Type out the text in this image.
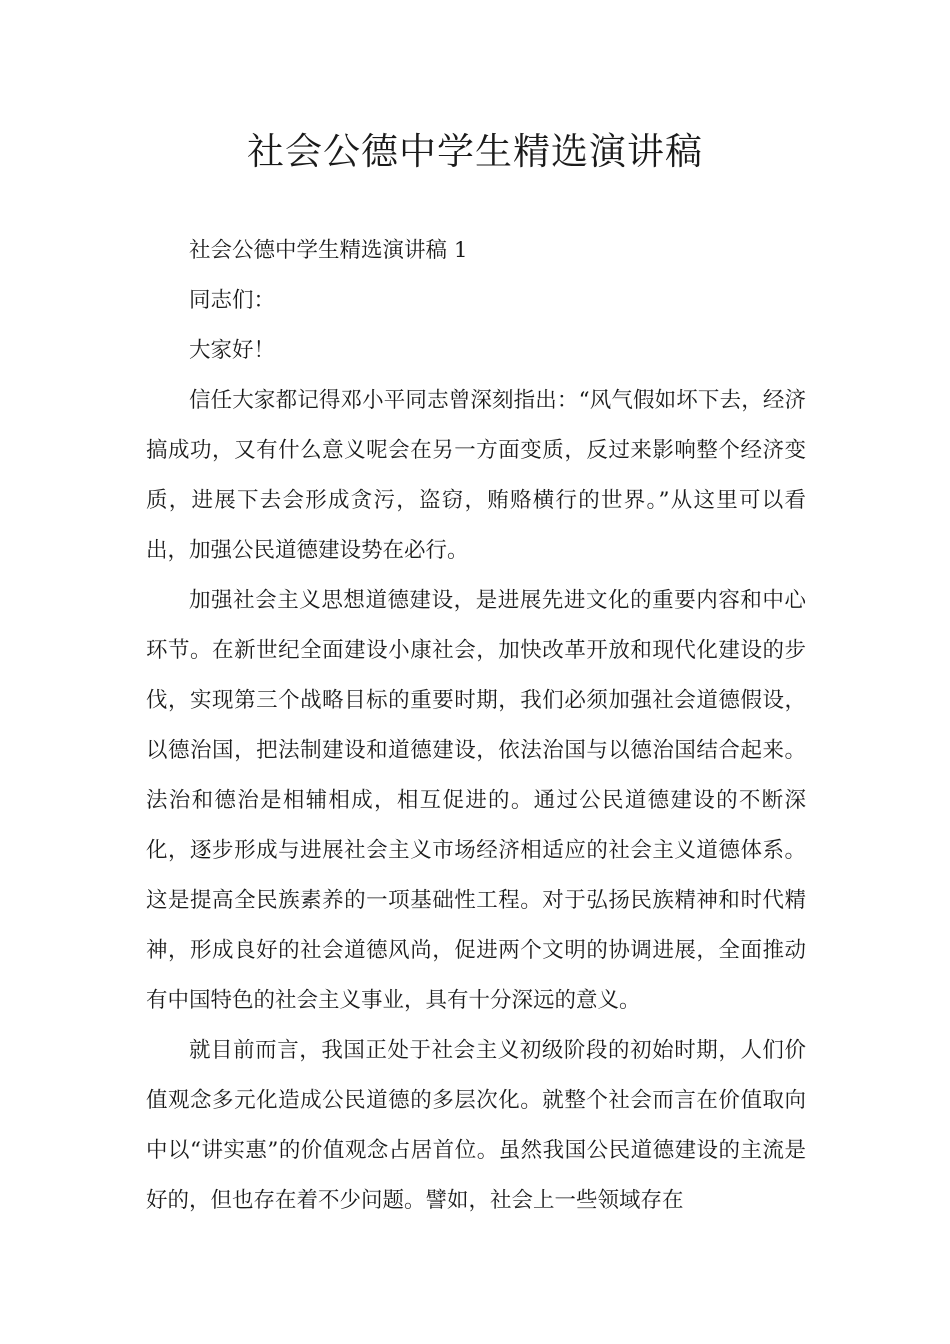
社会公德中学生精选演讲稿

社会公德中学生精选演讲稿 1

同志们：

大家好！

信任大家都记得邓小平同志曾深刻指出：“风气假如坏下去，经济搞成功，又有什么意义呢会在另一方面变质，反过来影响整个经济变质，进展下去会形成贪污，盗窃，贿赂横行的世界。”从这里可以看出，加强公民道德建设势在必行。

加强社会主义思想道德建设，是进展先进文化的重要内容和中心环节。在新世纪全面建设小康社会，加快改革开放和现代化建设的步伐，实现第三个战略目标的重要时期，我们必须加强社会道德假设，以德治国，把法制建设和道德建设，依法治国与以德治国结合起来。法治和德治是相辅相成，相互促进的。通过公民道德建设的不断深化，逐步形成与进展社会主义市场经济相适应的社会主义道德体系。这是提高全民族素养的一项基础性工程。对于弘扬民族精神和时代精神，形成良好的社会道德风尚，促进两个文明的协调进展，全面推动有中国特色的社会主义事业，具有十分深远的意义。

就目前而言，我国正处于社会主义初级阶段的初始时期，人们价值观念多元化造成公民道德的多层次化。就整个社会而言在价值取向中以“讲实惠”的价值观念占居首位。虽然我国公民道德建设的主流是好的，但也存在着不少问题。譬如，社会上一些领域存在
